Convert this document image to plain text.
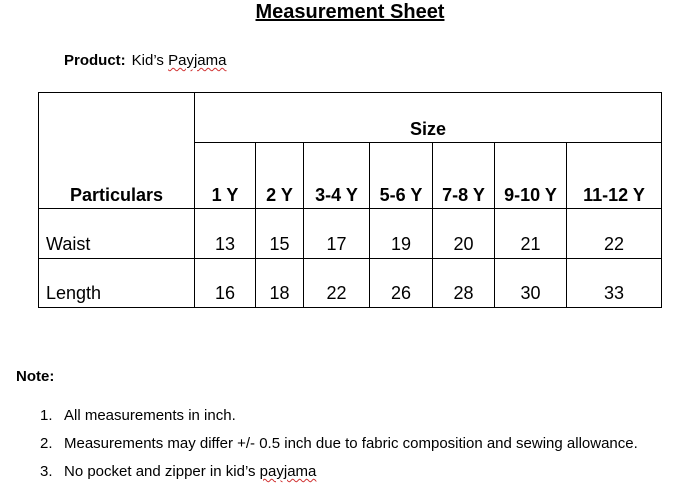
Measurement Sheet
Product: Kid’s Payjama
Particulars	Size						
	1 Y	2 Y	3-4 Y	5-6 Y	7-8 Y	9-10 Y	11-12 Y
Waist	13	15	17	19	20	21	22
Length	16	18	22	26	28	30	33
Note:
1. All measurements in inch.
2. Measurements may differ +/- 0.5 inch due to fabric composition and sewing allowance.
3. No pocket and zipper in kid’s payjama
